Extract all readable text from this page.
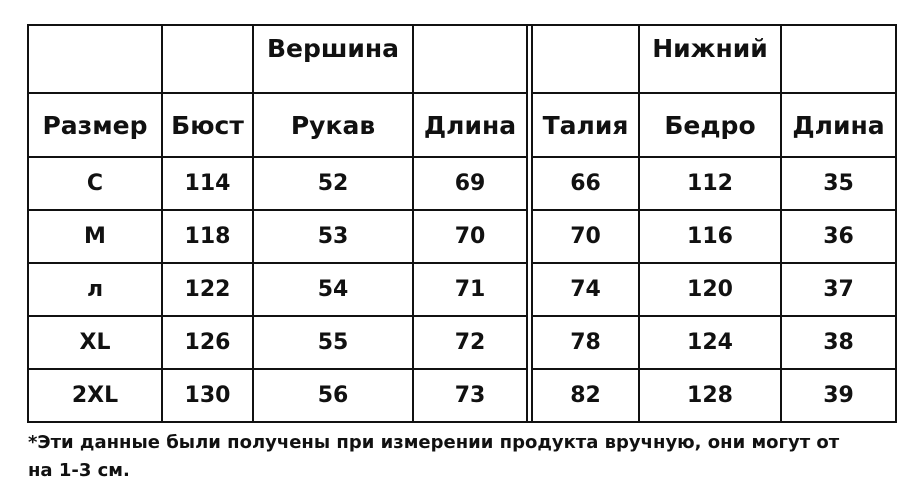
		Вершина				Нижний	
Размер	Бюст	Рукав	Длина		Талия	Бедро	Длина
С	114	52	69		66	112	35
M	118	53	70		70	116	36
л	122	54	71		74	120	37
XL	126	55	72		78	124	38
2XL	130	56	73		82	128	39
*Эти данные были получены при измерении продукта вручную, они могут от
на 1-3 см.
